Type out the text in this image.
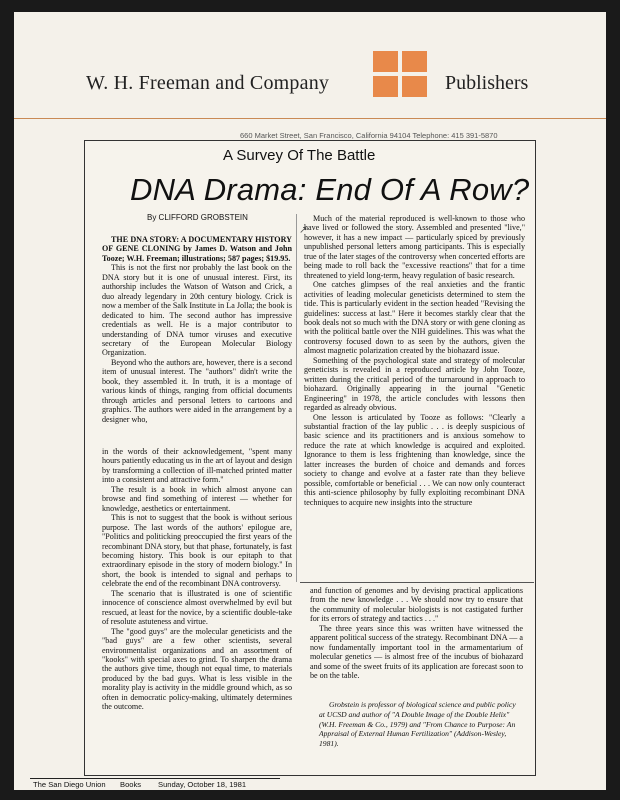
W. H. Freeman and Company	Publishers
660 Market Street, San Francisco, California 94104 Telephone: 415 391-5870
A Survey Of The Battle
DNA Drama: End Of A Row?
By CLIFFORD GROBSTEIN
↗

THE DNA STORY: A DOCUMENTARY HISTORY OF GENE CLONING by James D. Watson and John Tooze; W.H. Freeman; illustrations; 587 pages; $19.95.

This is not the first nor probably the last book on the DNA story but it is one of unusual interest. First, its authorship includes the Watson of Watson and Crick, a duo already legendary in 20th century biology. Crick is now a member of the Salk Institute in La Jolla; the book is dedicated to him. The second author has impressive credentials as well. He is a major contributor to understanding of DNA tumor viruses and executive secretary of the European Molecular Biology Organization.

Beyond who the authors are, however, there is a second item of unusual interest. The "authors" didn't write the book, they assembled it. In truth, it is a montage of various kinds of things, ranging from official documents through articles and personal letters to cartoons and graphics. The authors were aided in the arrangement by a designer who,

in the words of their acknowledgement, "spent many hours patiently educating us in the art of layout and design by transforming a collection of ill-matched printed matter into a consistent and attractive form."

The result is a book in which almost anyone can browse and find something of interest — whether for knowledge, aesthetics or entertainment.

This is not to suggest that the book is without serious purpose. The last words of the authors' epilogue are, "Politics and politicking preoccupied the first years of the recombinant DNA story, but that phase, fortunately, is fast becoming history. This book is our epitaph to that extraordinary episode in the story of modern biology." In short, the book is intended to signal and perhaps to celebrate the end of the recombinant DNA controversy.

The scenario that is illustrated is one of scientific innocence of conscience almost overwhelmed by evil but rescued, at least for the novice, by a scientific double-take of resolute astuteness and virtue.

The "good guys" are the molecular geneticists and the "bad guys" are a few other scientists, several environmentalist organizations and an assortment of "kooks" with special axes to grind. To sharpen the drama the authors give time, though not equal time, to materials produced by the bad guys. What is less visible in the morality play is activity in the middle ground which, as so often in democratic policy-making, ultimately determines the outcome.

Much of the material reproduced is well-known to those who have lived or followed the story. Assembled and presented "live," however, it has a new impact — particularly spiced by previously unpublished personal letters among participants. This is especially true of the later stages of the controversy when concerted efforts are being made to roll back the "excessive reactions" that for a time threatened to yield long-term, heavy regulation of basic research.

One catches glimpses of the real anxieties and the frantic activities of leading molecular geneticists determined to stem the tide. This is particularly evident in the section headed "Revising the guidelines: success at last." Here it becomes starkly clear that the book deals not so much with the DNA story or with gene cloning as with the political battle over the NIH guidelines. This was what the controversy focused down to as seen by the authors, given the almost magnetic polarization created by the biohazard issue.

Something of the psychological state and strategy of molecular geneticists is revealed in a reproduced article by John Tooze, written during the critical period of the turnaround in approach to biohazard. Originally appearing in the journal "Genetic Engineering" in 1978, the article concludes with lessons then regarded as already obvious.

One lesson is articulated by Tooze as follows: "Clearly a substantial fraction of the lay public . . . is deeply suspicious of basic science and its practitioners and is anxious somehow to reduce the rate at which knowledge is acquired and exploited. Ignorance to them is less frightening than knowledge, since the latter increases the burden of choice and demands and forces society to change and evolve at a faster rate than they believe possible, comfortable or beneficial . . . We can now only counteract this anti-science philosophy by fully exploiting recombinant DNA techniques to acquire new insights into the structure

and function of genomes and by devising practical applications from the new knowledge . . . We should now try to ensure that the community of molecular biologists is not castigated further for its errors of strategy and tactics . . ."

The three years since this was written have witnessed the apparent political success of the strategy. Recombinant DNA — a now fundamentally important tool in the armamentarium of molecular genetics — is almost free of the incubus of biohazard and some of the sweet fruits of its application are forecast soon to be on the table.

Grobstein is professor of biological science and public policy at UCSD and author of "A Double Image of the Double Helix" (W.H. Freeman & Co., 1979) and "From Chance to Purpose: An Appraisal of External Human Fertilization" (Addison-Wesley, 1981).

The San Diego Union Books Sunday, October 18, 1981
